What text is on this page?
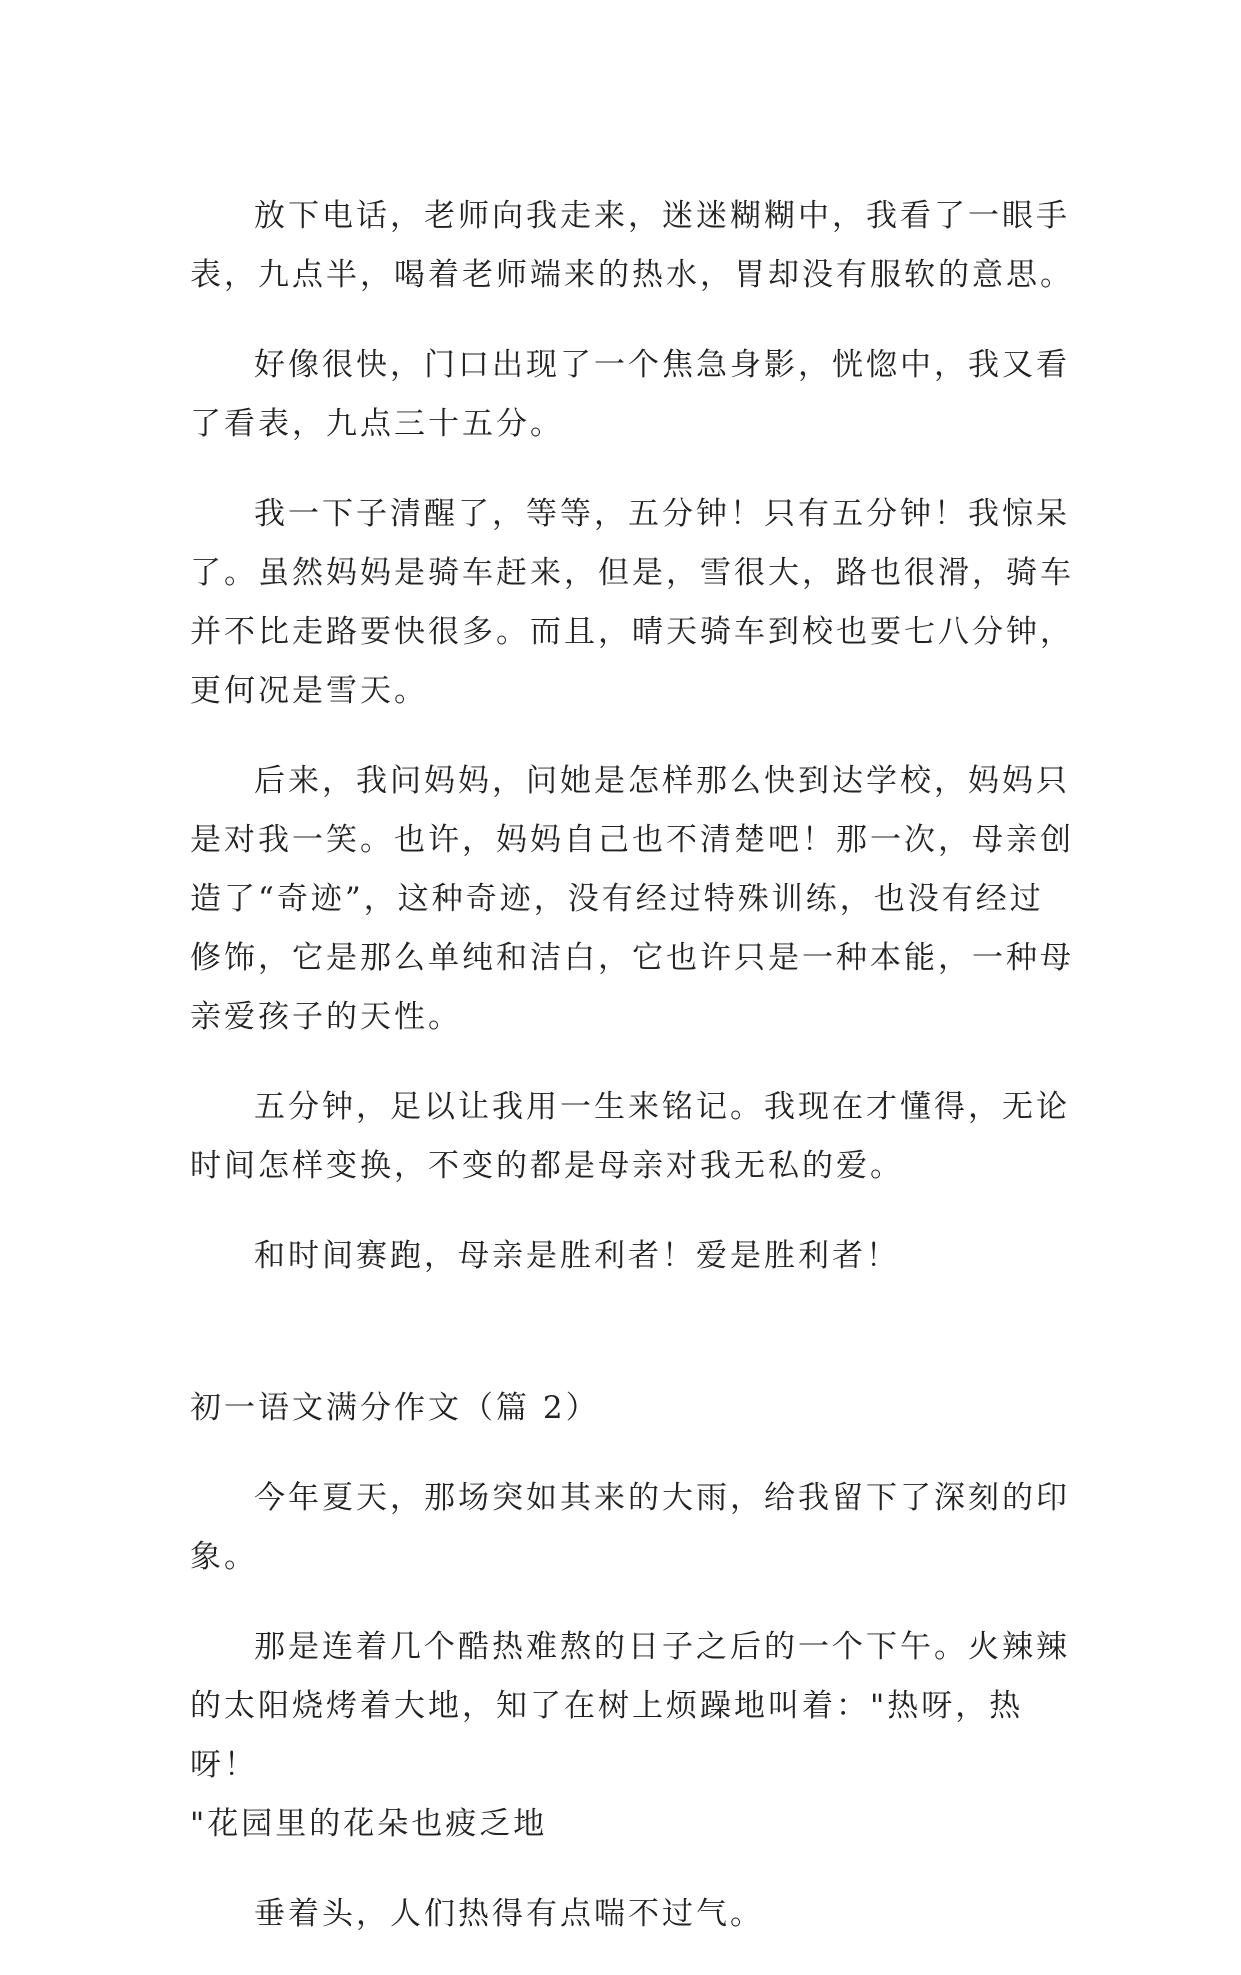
放下电话，老师向我走来，迷迷糊糊中，我看了一眼手
表，九点半，喝着老师端来的热水，胃却没有服软的意思。

好像很快，门口出现了一个焦急身影，恍惚中，我又看
了看表，九点三十五分。

我一下子清醒了，等等，五分钟！只有五分钟！我惊呆
了。虽然妈妈是骑车赶来，但是，雪很大，路也很滑，骑车
并不比走路要快很多。而且，晴天骑车到校也要七八分钟，
更何况是雪天。

后来，我问妈妈，问她是怎样那么快到达学校，妈妈只
是对我一笑。也许，妈妈自己也不清楚吧！那一次，母亲创
造了“奇迹”，这种奇迹，没有经过特殊训练，也没有经过
修饰，它是那么单纯和洁白，它也许只是一种本能，一种母
亲爱孩子的天性。

五分钟，足以让我用一生来铭记。我现在才懂得，无论
时间怎样变换，不变的都是母亲对我无私的爱。

和时间赛跑，母亲是胜利者！爱是胜利者！

初一语文满分作文（篇 2）

今年夏天，那场突如其来的大雨，给我留下了深刻的印
象。

那是连着几个酷热难熬的日子之后的一个下午。火辣辣
的太阳烧烤着大地，知了在树上烦躁地叫着："热呀，热呀！
"花园里的花朵也疲乏地

垂着头，人们热得有点喘不过气。
